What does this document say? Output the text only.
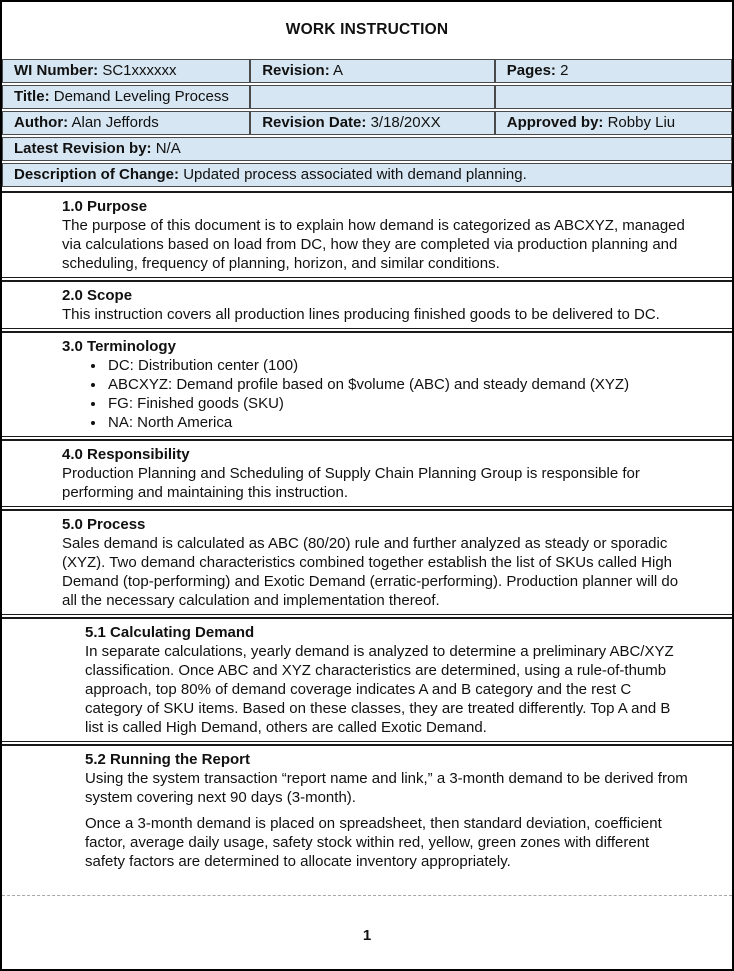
WORK INSTRUCTION
WI Number: SC1xxxxxx	Revision: A	Pages: 2
Title: Demand Leveling Process		
Author: Alan Jeffords	Revision Date: 3/18/20XX	Approved by: Robby Liu
Latest Revision by: N/A		
Description of Change: Updated process associated with demand planning.		
1.0 Purpose

The purpose of this document is to explain how demand is categorized as ABCXYZ, managed via calculations based on load from DC, how they are completed via production planning and scheduling, frequency of planning, horizon, and similar conditions.

2.0 Scope

This instruction covers all production lines producing finished goods to be delivered to DC.

3.0 Terminology
• DC: Distribution center (100)
• ABCXYZ: Demand profile based on $volume (ABC) and steady demand (XYZ)
• FG: Finished goods (SKU)
• NA: North America
4.0 Responsibility

Production Planning and Scheduling of Supply Chain Planning Group is responsible for performing and maintaining this instruction.

5.0 Process

Sales demand is calculated as ABC (80/20) rule and further analyzed as steady or sporadic (XYZ). Two demand characteristics combined together establish the list of SKUs called High Demand (top-performing) and Exotic Demand (erratic-performing). Production planner will do all the necessary calculation and implementation thereof.

5.1 Calculating Demand

In separate calculations, yearly demand is analyzed to determine a preliminary ABC/XYZ classification. Once ABC and XYZ characteristics are determined, using a rule-of-thumb approach, top 80% of demand coverage indicates A and B category and the rest C category of SKU items. Based on these classes, they are treated differently. Top A and B list is called High Demand, others are called Exotic Demand.

5.2 Running the Report

Using the system transaction “report name and link,” a 3-month demand to be derived from system covering next 90 days (3-month).

Once a 3-month demand is placed on spreadsheet, then standard deviation, coefficient factor, average daily usage, safety stock within red, yellow, green zones with different safety factors are determined to allocate inventory appropriately.

1
